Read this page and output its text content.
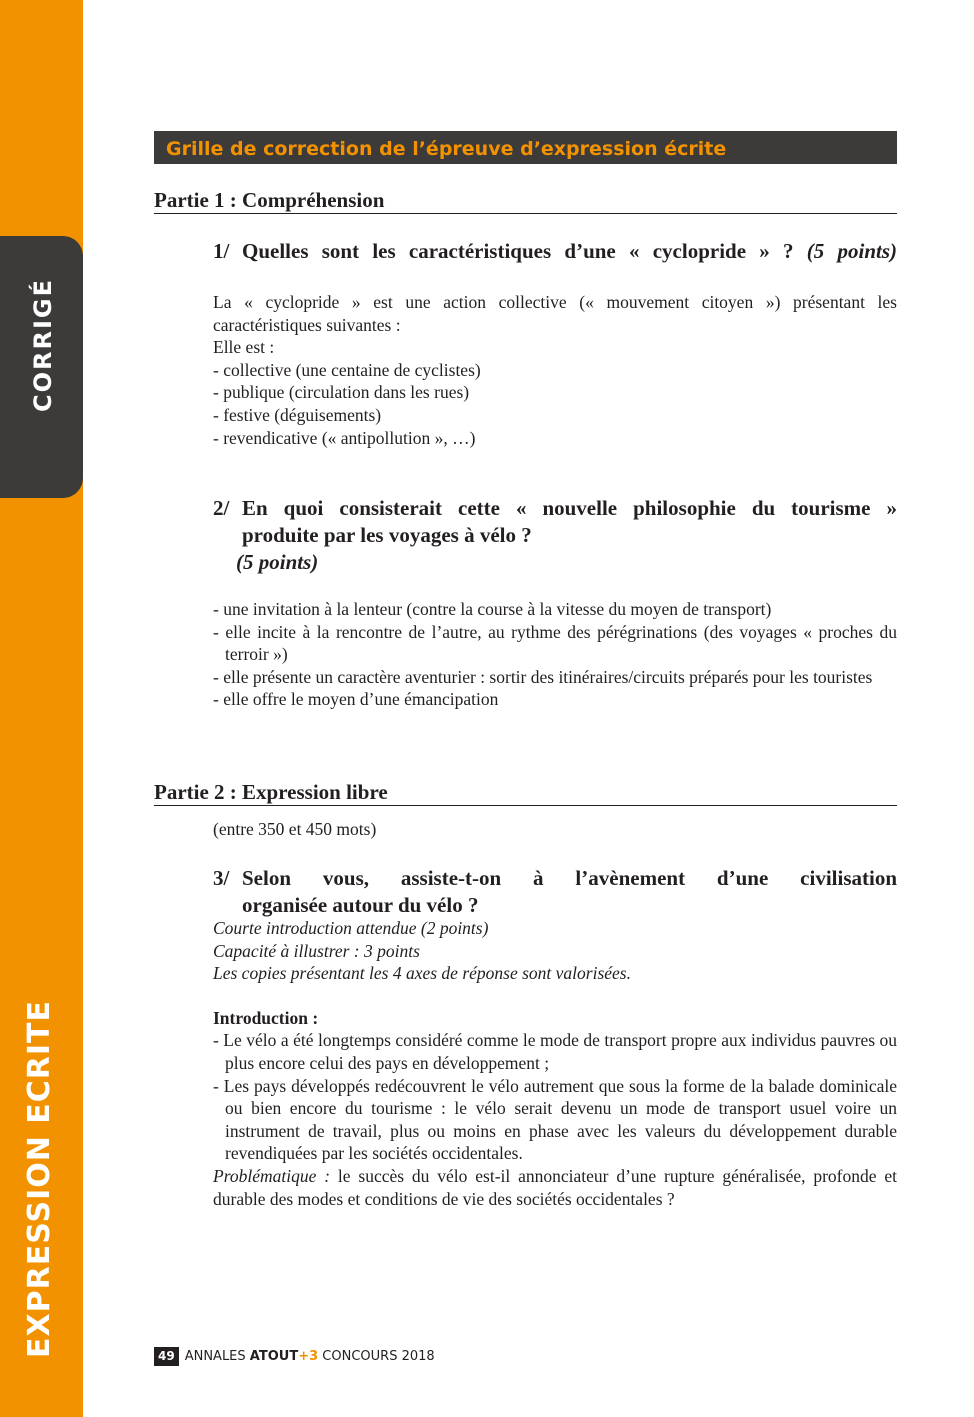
CORRIGÉ
EXPRESSION ECRITE
Grille de correction de l’épreuve d’expression écrite
Partie 1 : Compréhension
1/ Quelles sont les caractéristiques d’une « cyclopride » ? (5 points)

La « cyclopride » est une action collective (« mouvement citoyen ») présentant les caractéristiques suivantes :

Elle est :

- collective (une centaine de cyclistes)

- publique (circulation dans les rues)

- festive (déguisements)

- revendicative (« antipollution », …)

2/ En quoi consisterait cette « nouvelle philosophie du tourisme »
produite par les voyages à vélo ?
(5 points)

- une invitation à la lenteur (contre la course à la vitesse du moyen de transport)

- elle incite à la rencontre de l’autre, au rythme des pérégrinations (des voyages « proches du terroir »)

- elle présente un caractère aventurier : sortir des itinéraires/circuits préparés pour les touristes

- elle offre le moyen d’une émancipation

Partie 2 : Expression libre
(entre 350 et 450 mots)
3/ Selon vous, assiste-t-on à l’avènement d’une civilisation
organisée autour du vélo ?

Courte introduction attendue (2 points)

Capacité à illustrer : 3 points

Les copies présentant les 4 axes de réponse sont valorisées.

Introduction :

- Le vélo a été longtemps considéré comme le mode de transport propre aux individus pauvres ou plus encore celui des pays en développement ;

- Les pays développés redécouvrent le vélo autrement que sous la forme de la balade dominicale ou bien encore du tourisme : le vélo serait devenu un mode de transport usuel voire un instrument de travail, plus ou moins en phase avec les valeurs du développement durable revendiquées par les sociétés occidentales.

Problématique : le succès du vélo est-il annonciateur d’une rupture généralisée, profonde et durable des modes et conditions de vie des sociétés occidentales ?

49 ANNALES ATOUT+3 CONCOURS 2018
